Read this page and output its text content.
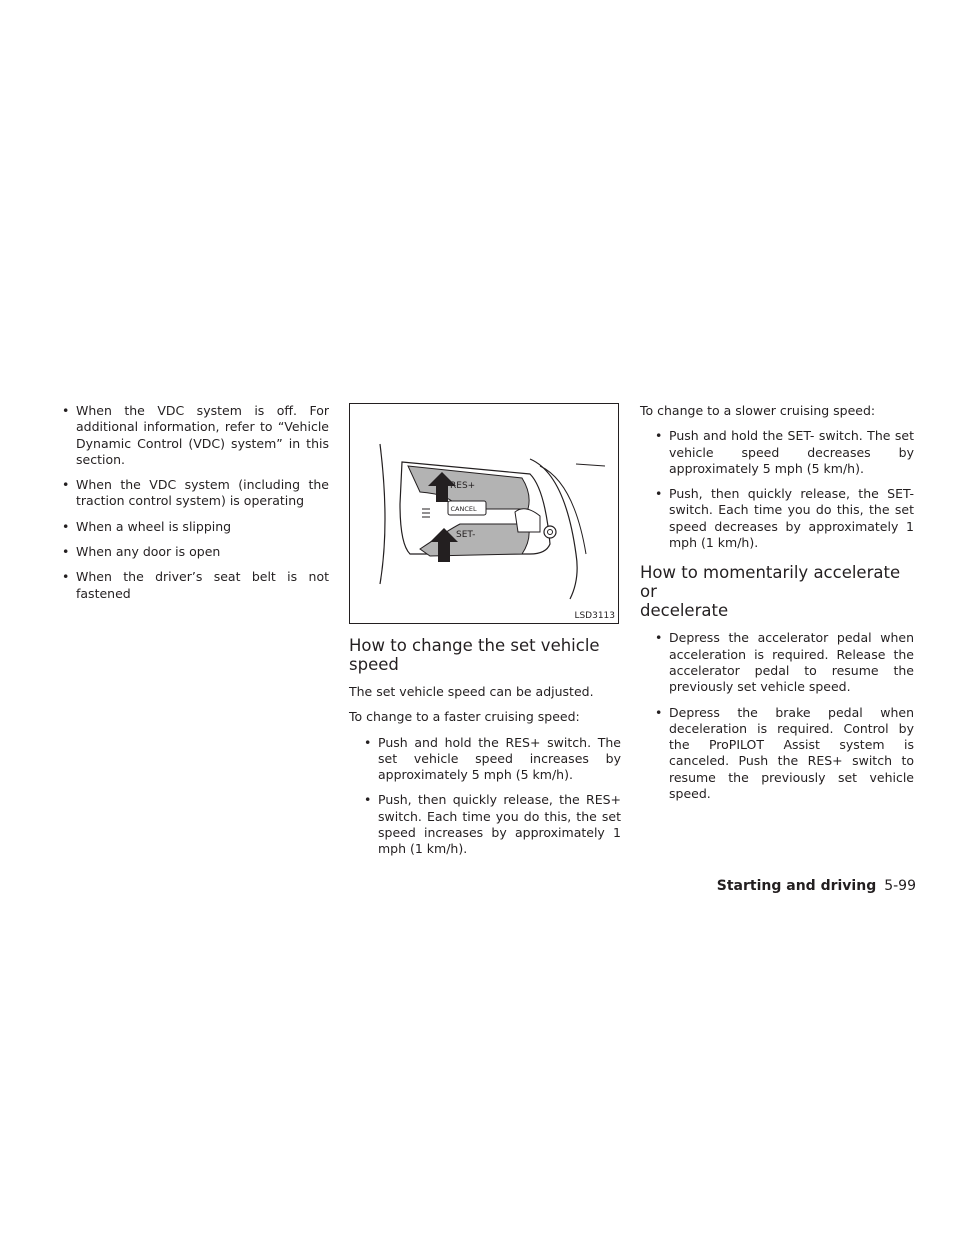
• When the VDC system is off. For additional information, refer to “Vehicle Dynamic Control (VDC) system” in this section.
• When the VDC system (including the traction control system) is operating
• When a wheel is slipping
• When any door is open
• When the driver’s seat belt is not fastened
RES+
CANCEL
SET-
LSD3113
How to change the set vehicle
speed

The set vehicle speed can be adjusted.

To change to a faster cruising speed:

• Push and hold the RES+ switch. The set vehicle speed increases by approximately 5 mph (5 km/h).
• Push, then quickly release, the RES+ switch. Each time you do this, the set speed increases by approximately 1 mph (1 km/h).

To change to a slower cruising speed:

• Push and hold the SET- switch. The set vehicle speed decreases by approximately 5 mph (5 km/h).
• Push, then quickly release, the SET- switch. Each time you do this, the set speed decreases by approximately 1 mph (1 km/h).
How to momentarily accelerate or
decelerate
• Depress the accelerator pedal when acceleration is required. Release the accelerator pedal to resume the previously set vehicle speed.
• Depress the brake pedal when deceleration is required. Control by the ProPILOT Assist system is canceled. Push the RES+ switch to resume the previously set vehicle speed.
Starting and driving 5-99
